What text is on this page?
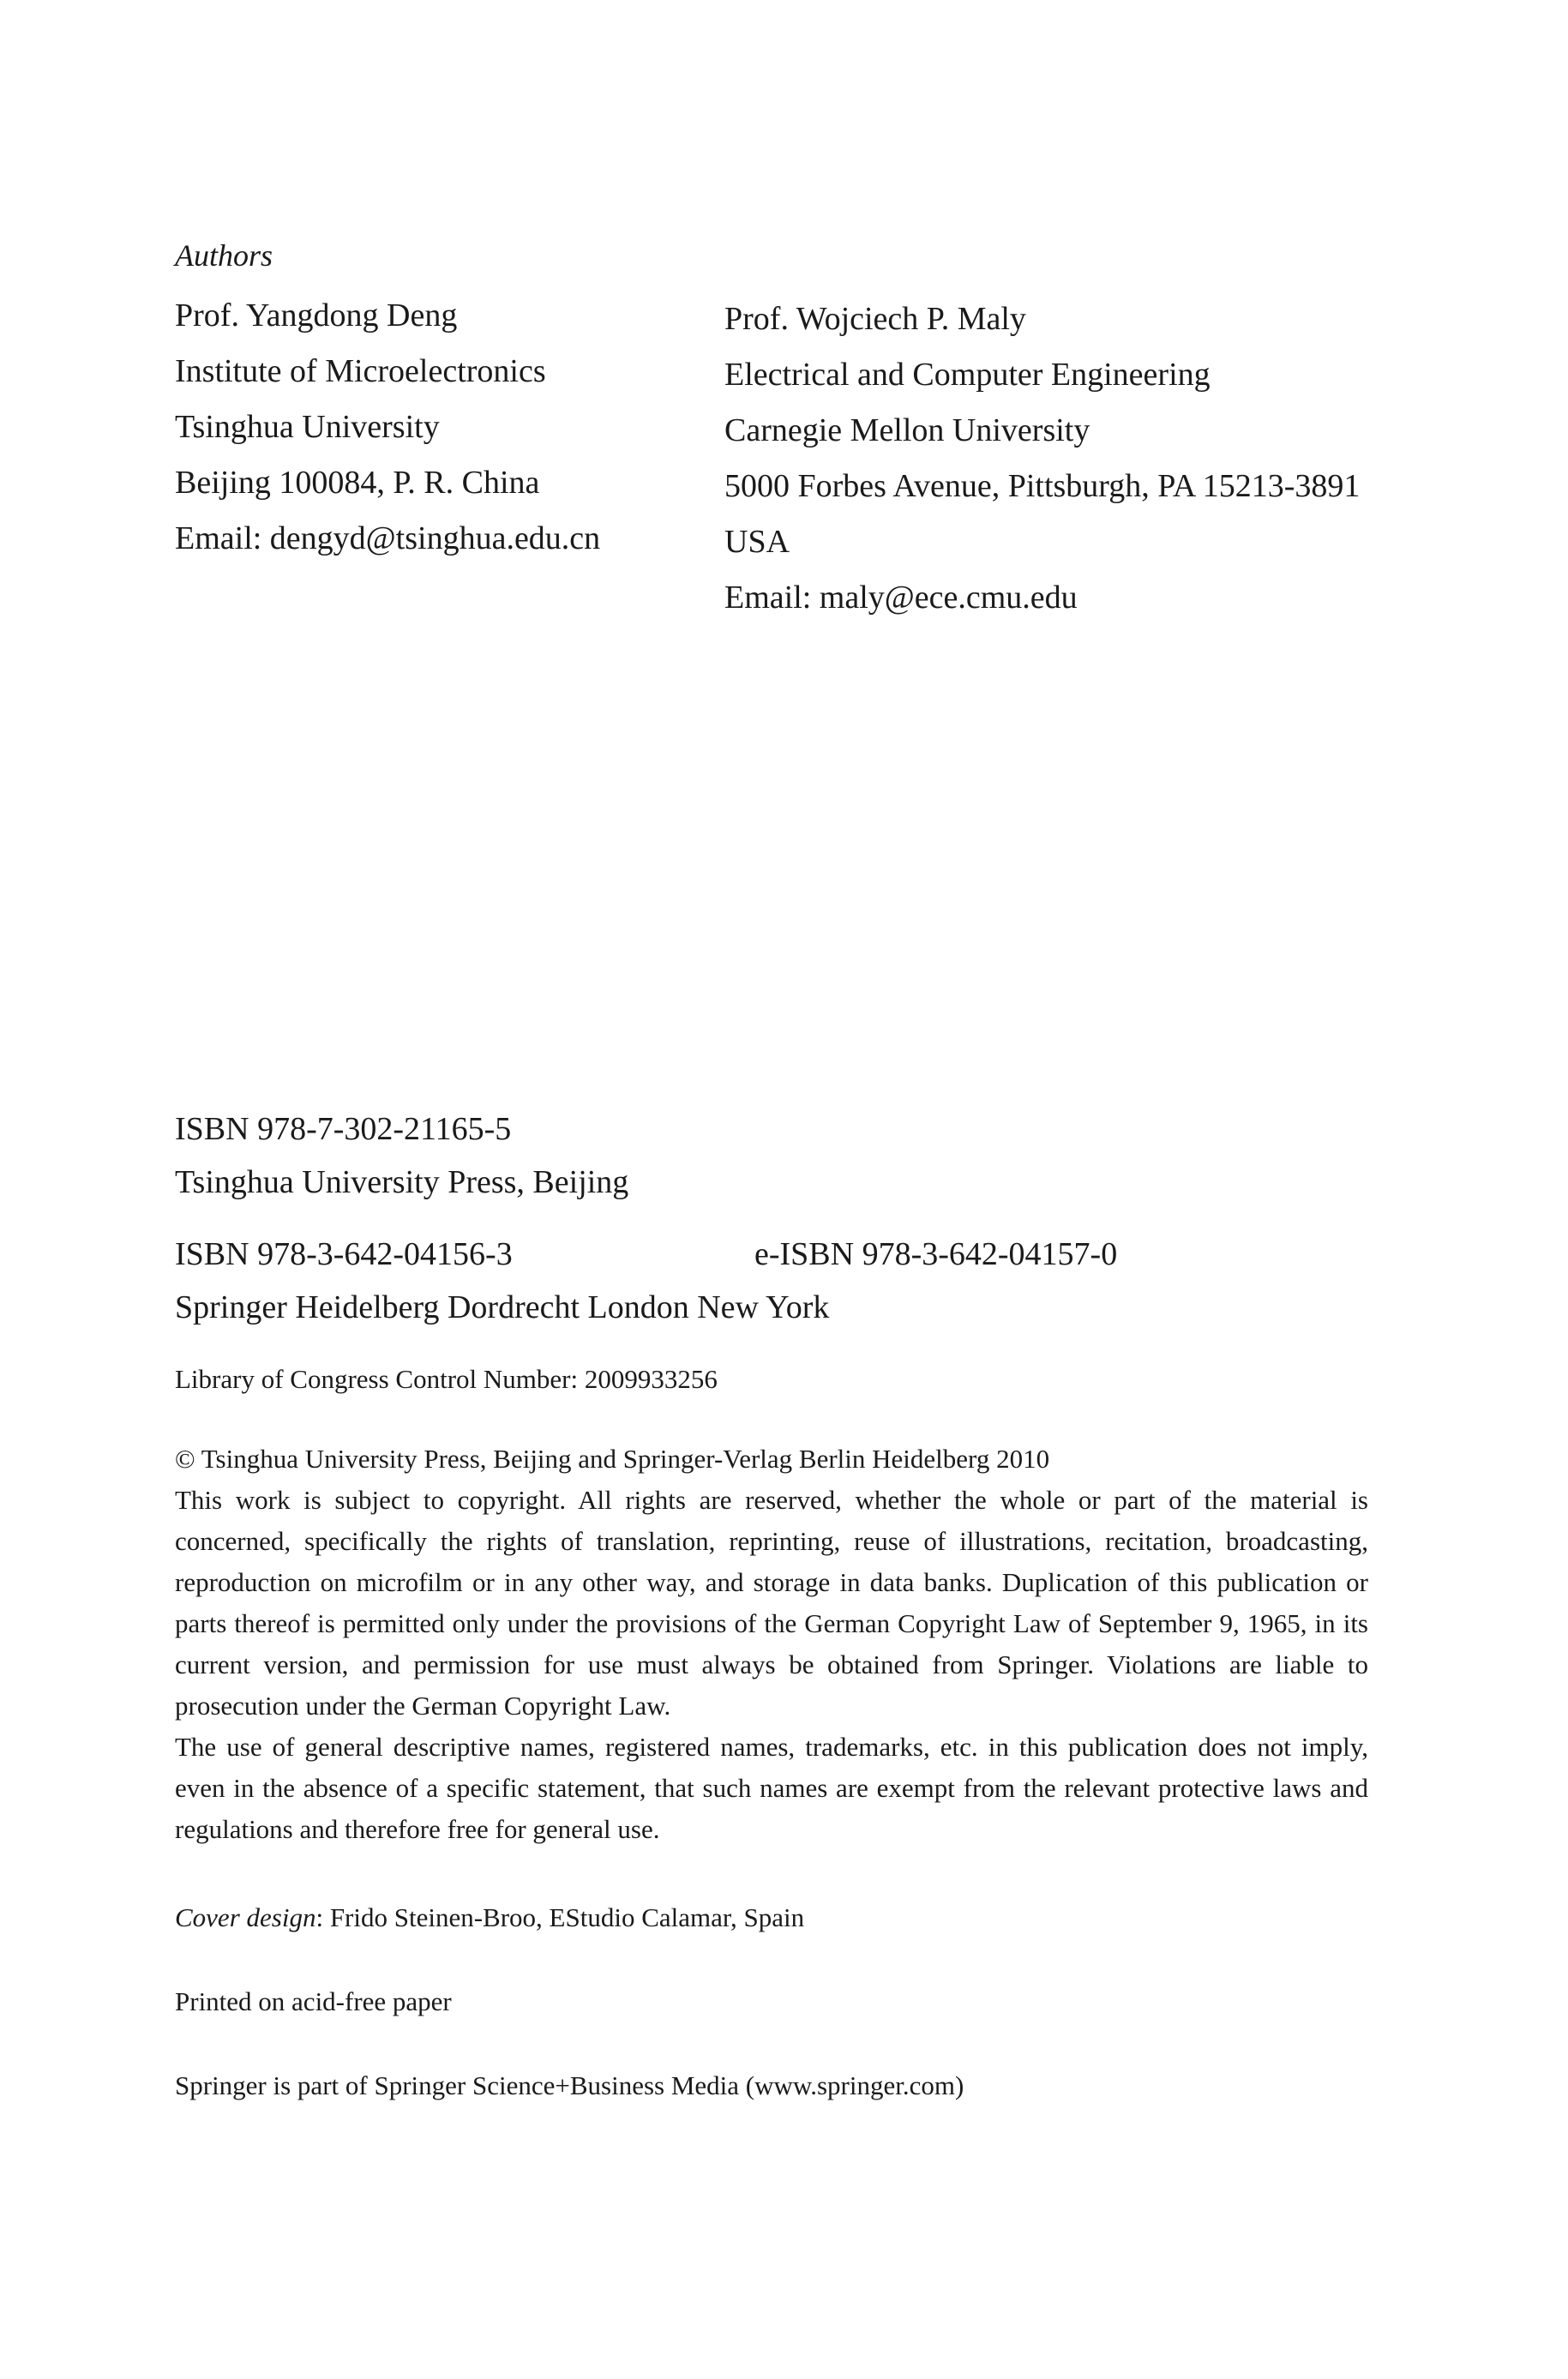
Authors
Prof. Yangdong Deng
Institute of Microelectronics
Tsinghua University
Beijing 100084, P. R. China
Email: dengyd@tsinghua.edu.cn
Prof. Wojciech P. Maly
Electrical and Computer Engineering
Carnegie Mellon University
5000 Forbes Avenue, Pittsburgh, PA 15213-3891
USA
Email: maly@ece.cmu.edu
ISBN 978-7-302-21165-5
Tsinghua University Press, Beijing
ISBN 978-3-642-04156-3	e-ISBN 978-3-642-04157-0
Springer Heidelberg Dordrecht London New York
Library of Congress Control Number: 2009933256

© Tsinghua University Press, Beijing and Springer-Verlag Berlin Heidelberg 2010

This work is subject to copyright. All rights are reserved, whether the whole or part of the material is concerned, specifically the rights of translation, reprinting, reuse of illustrations, recitation, broadcasting, reproduction on microfilm or in any other way, and storage in data banks. Duplication of this publication or parts thereof is permitted only under the provisions of the German Copyright Law of September 9, 1965, in its current version, and permission for use must always be obtained from Springer. Violations are liable to prosecution under the German Copyright Law.

The use of general descriptive names, registered names, trademarks, etc. in this publication does not imply, even in the absence of a specific statement, that such names are exempt from the relevant protective laws and regulations and therefore free for general use.

Cover design: Frido Steinen-Broo, EStudio Calamar, Spain
Printed on acid-free paper
Springer is part of Springer Science+Business Media (www.springer.com)
